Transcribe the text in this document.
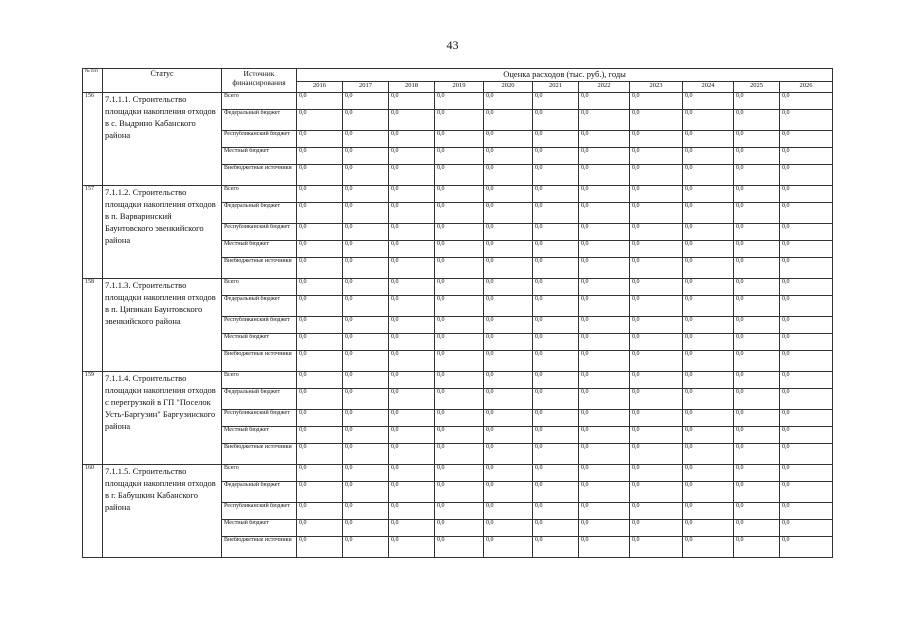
43
№ п/п	Статус	Источник финансирования	Оценка расходов (тыс. руб.), годы										
			2016	2017	2018	2019	2020	2021	2022	2023	2024	2025	2026
156	7.1.1.1. Строительство площадки накопления отходов в с. Выдрино Кабанского района	Всего	0,0	0,0	0,0	0,0	0,0	0,0	0,0	0,0	0,0	0,0	0,0
		Федеральный бюджет	0,0	0,0	0,0	0,0	0,0	0,0	0,0	0,0	0,0	0,0	0,0
		Республиканский бюджет	0,0	0,0	0,0	0,0	0,0	0,0	0,0	0,0	0,0	0,0	0,0
		Местный бюджет	0,0	0,0	0,0	0,0	0,0	0,0	0,0	0,0	0,0	0,0	0,0
		Внебюджетные источники	0,0	0,0	0,0	0,0	0,0	0,0	0,0	0,0	0,0	0,0	0,0
157	7.1.1.2. Строительство площадки накопления отходов в п. Варваринский Баунтовского эвенкийского района	Всего	0,0	0,0	0,0	0,0	0,0	0,0	0,0	0,0	0,0	0,0	0,0
		Федеральный бюджет	0,0	0,0	0,0	0,0	0,0	0,0	0,0	0,0	0,0	0,0	0,0
		Республиканский бюджет	0,0	0,0	0,0	0,0	0,0	0,0	0,0	0,0	0,0	0,0	0,0
		Местный бюджет	0,0	0,0	0,0	0,0	0,0	0,0	0,0	0,0	0,0	0,0	0,0
		Внебюджетные источники	0,0	0,0	0,0	0,0	0,0	0,0	0,0	0,0	0,0	0,0	0,0
158	7.1.1.3. Строительство площадки накопления отходов в п. Ципикан Баунтовского эвенкийского района	Всего	0,0	0,0	0,0	0,0	0,0	0,0	0,0	0,0	0,0	0,0	0,0
		Федеральный бюджет	0,0	0,0	0,0	0,0	0,0	0,0	0,0	0,0	0,0	0,0	0,0
		Республиканский бюджет	0,0	0,0	0,0	0,0	0,0	0,0	0,0	0,0	0,0	0,0	0,0
		Местный бюджет	0,0	0,0	0,0	0,0	0,0	0,0	0,0	0,0	0,0	0,0	0,0
		Внебюджетные источники	0,0	0,0	0,0	0,0	0,0	0,0	0,0	0,0	0,0	0,0	0,0
159	7.1.1.4. Строительство площадки накопления отходов с перегрузкой в ГП "Поселок Усть-Баргузин" Баргузинского района	Всего	0,0	0,0	0,0	0,0	0,0	0,0	0,0	0,0	0,0	0,0	0,0
		Федеральный бюджет	0,0	0,0	0,0	0,0	0,0	0,0	0,0	0,0	0,0	0,0	0,0
		Республиканский бюджет	0,0	0,0	0,0	0,0	0,0	0,0	0,0	0,0	0,0	0,0	0,0
		Местный бюджет	0,0	0,0	0,0	0,0	0,0	0,0	0,0	0,0	0,0	0,0	0,0
		Внебюджетные источники	0,0	0,0	0,0	0,0	0,0	0,0	0,0	0,0	0,0	0,0	0,0
160	7.1.1.5. Строительство площадки накопления отходов в г. Бабушкин Кабанского района	Всего	0,0	0,0	0,0	0,0	0,0	0,0	0,0	0,0	0,0	0,0	0,0
		Федеральный бюджет	0,0	0,0	0,0	0,0	0,0	0,0	0,0	0,0	0,0	0,0	0,0
		Республиканский бюджет	0,0	0,0	0,0	0,0	0,0	0,0	0,0	0,0	0,0	0,0	0,0
		Местный бюджет	0,0	0,0	0,0	0,0	0,0	0,0	0,0	0,0	0,0	0,0	0,0
		Внебюджетные источники	0,0	0,0	0,0	0,0	0,0	0,0	0,0	0,0	0,0	0,0	0,0
